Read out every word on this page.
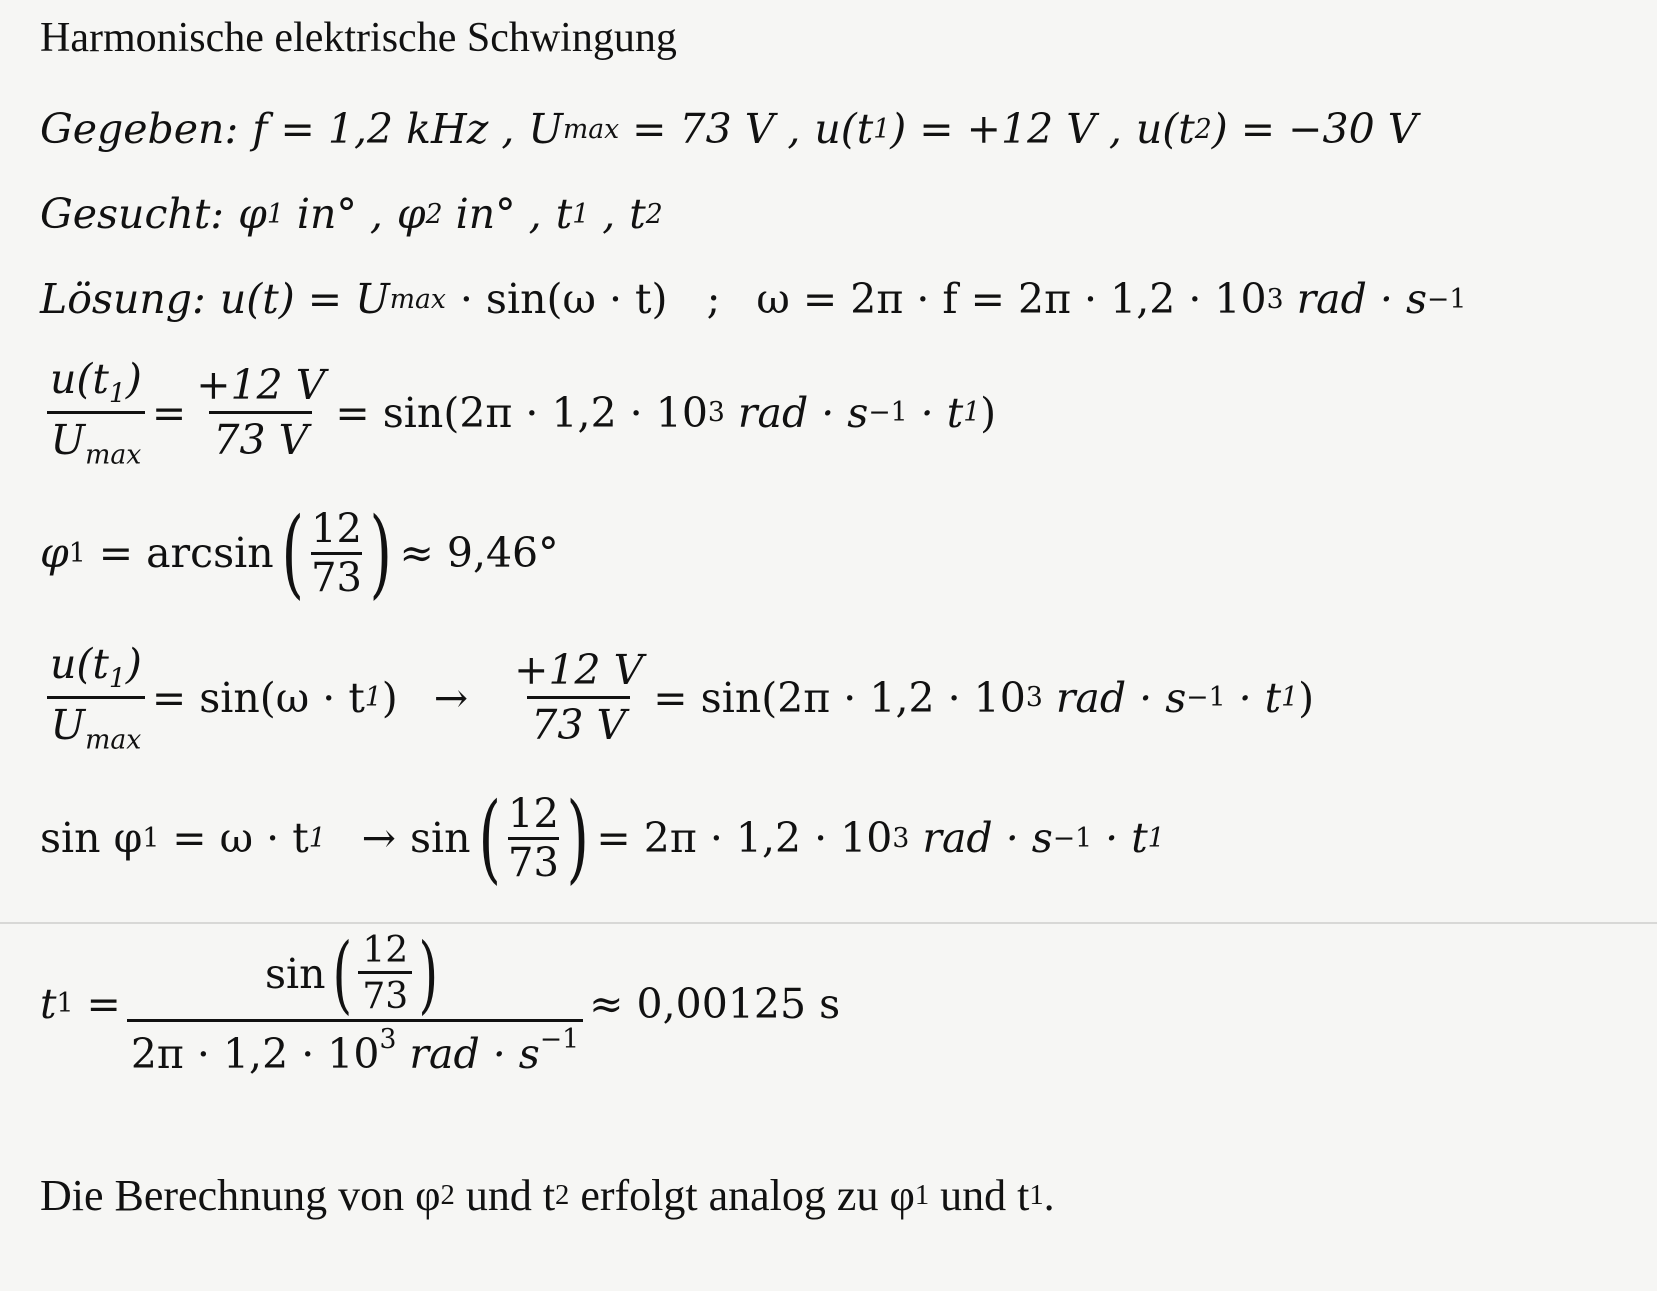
Harmonische elektrische Schwingung
Gegeben: f = 1,2 kHz , U max = 73 V , u(t 1 ) = +12 V , u(t 2 ) = −30 V
Gesucht: φ 1 in° , φ 2 in° , t 1 , t 2
Lösung: u(t) = U max · sin(ω · t)   ; ω = 2π · f = 2π · 1,2 · 10 3 rad · s −1
$\frac{u(t_1)}{U_{max}} = \frac{+12 V}{73 V} = \sin(2\pi \cdot 1,2 \cdot 10$ 3 rad · s −1 · t 1 )
φ 1 = arcsin ( 12
73 ) ≈ 9,46°
$\frac{u(t_1)}{U_{max}} = \sin(\omega \cdot t$ 1 ) → $\frac{+12 V}{73 V} = \sin(2\pi \cdot 1,2 \cdot 10$ 3 rad · s −1 · t 1 )
sin φ 1 = ω · t 1 → sin ( 12
73 ) = 2π · 1,2 · 10 3 rad · s −1 · t 1
t 1 = sin ( 12
73 )
$2\pi \cdot 1,2 \cdot 10^3$ rad · $s^{-1} \approx 0,00125$ s
Die Berechnung von φ 2 und t 2 erfolgt analog zu φ 1 und t 1 .
